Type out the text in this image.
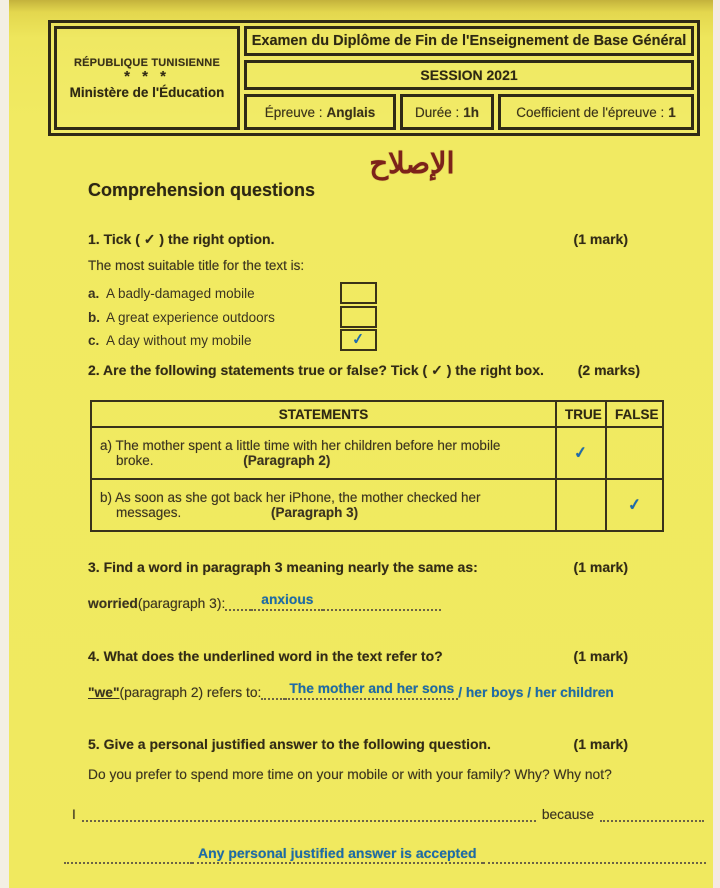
RÉPUBLIQUE TUNISIENNE
* * *
Ministère de l'Éducation
Examen du Diplôme de Fin de l'Enseignement de Base Général
SESSION 2021
Épreuve : Anglais	Durée : 1h	Coefficient de l'épreuve : 1
الإصلاح
Comprehension questions
1. Tick ( ✓ ) the right option.	(1 mark)
The most suitable title for the text is:
a. A badly-damaged mobile
b. A great experience outdoors
c. A day without my mobile	✓
2. Are the following statements true or false? Tick ( ✓ ) the right box. (2 marks)
STATEMENTS	TRUE	FALSE

a) The mother spent a little time with her children before her mobile
broke. (Paragraph 2)	✓	

b) As soon as she got back her iPhone, the mother checked her
messages. (Paragraph 3)		✓
3. Find a word in paragraph 3 meaning nearly the same as:	(1 mark)
worried (paragraph 3):	anxious
4. What does the underlined word in the text refer to?	(1 mark)
"we" (paragraph 2) refers to: The mother and her sons / her boys / her children
5. Give a personal justified answer to the following question.	(1 mark)
Do you prefer to spend more time on your mobile or with your family? Why? Why not?
I	because
Any personal justified answer is accepted
